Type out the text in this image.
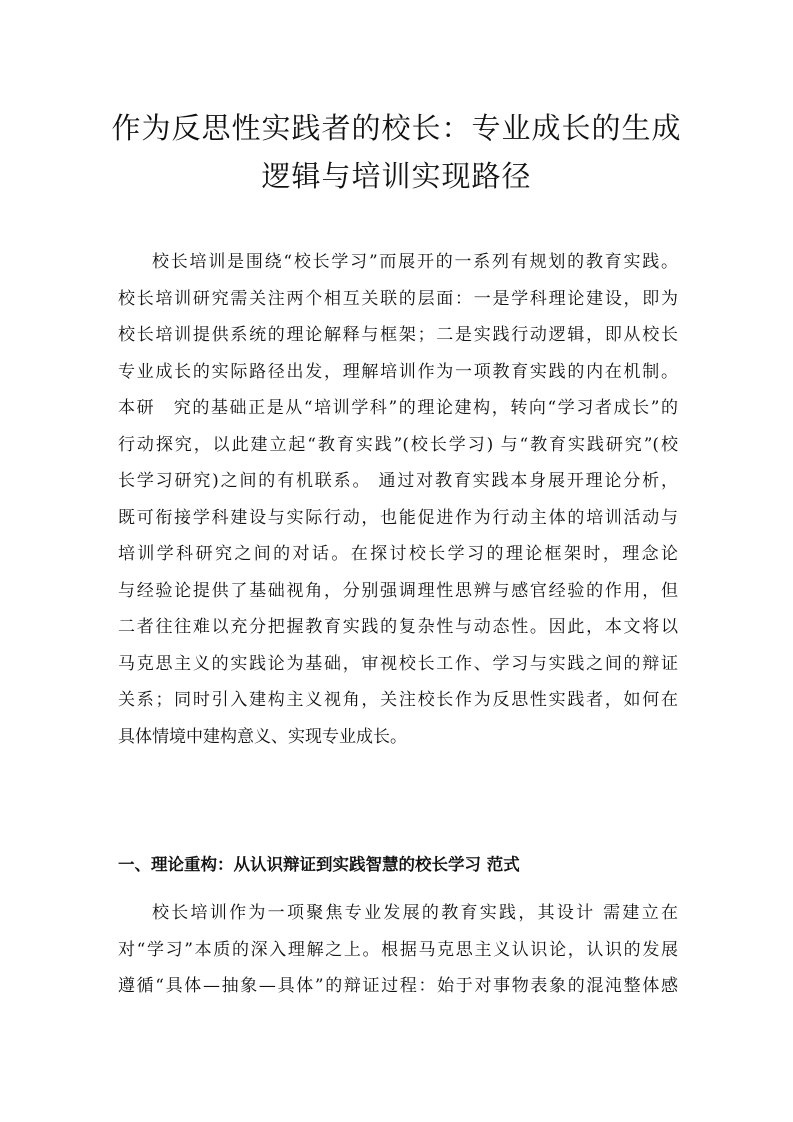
作为反思性实践者的校长：专业成长的生成
逻辑与培训实现路径
校长培训是围绕“校长学习”而展开的一系列有规划的教育实践。
校长培训研究需关注两个相互关联的层面：一是学科理论建设，即为
校长培训提供系统的理论解释与框架；二是实践行动逻辑，即从校长
专业成长的实际路径出发，理解培训作为一项教育实践的内在机制。
本研　究的基础正是从“培训学科”的理论建构，转向“学习者成长”的
行动探究，以此建立起“教育实践”(校长学习) 与“教育实践研究”(校
长学习研究)之间的有机联系。 通过对教育实践本身展开理论分析，
既可衔接学科建设与实际行动，也能促进作为行动主体的培训活动与
培训学科研究之间的对话。在探讨校长学习的理论框架时，理念论
与经验论提供了基础视角，分别强调理性思辨与感官经验的作用，但
二者往往难以充分把握教育实践的复杂性与动态性。因此，本文将以
马克思主义的实践论为基础，审视校长工作、学习与实践之间的辩证
关系；同时引入建构主义视角，关注校长作为反思性实践者，如何在
具体情境中建构意义、实现专业成长。
一、理论重构：从认识辩证到实践智慧的校长学习 范式
校长培训作为一项聚焦专业发展的教育实践，其设计 需建立在
对“学习”本质的深入理解之上。根据马克思主义认识论，认识的发展
遵循“具体—抽象—具体”的辩证过程：始于对事物表象的混沌整体感
